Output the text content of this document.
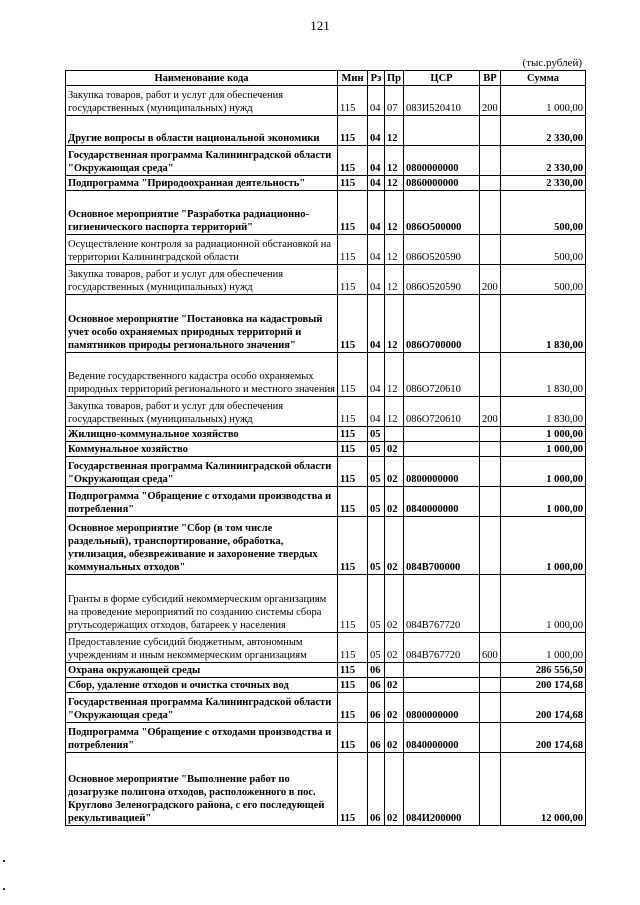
121
(тыс.рублей)
Наименование кода	Мин	Рз	Пр	ЦСР	ВР	Сумма
Закупка товаров, работ и услуг для обеспечения государственных (муниципальных) нужд	115	04	07	083И520410	200	1 000,00
Другие вопросы в области национальной экономики	115	04	12			2 330,00
Государственная программа Калининградской области "Окружающая среда"	115	04	12	0800000000		2 330,00
Подпрограмма "Природоохранная деятельность"	115	04	12	0860000000		2 330,00
Основное мероприятие "Разработка радиационно-гигиенического паспорта территорий"	115	04	12	086О500000		500,00
Осуществление контроля за радиационной обстановкой на территории Калининградской области	115	04	12	086О520590		500,00
Закупка товаров, работ и услуг для обеспечения государственных (муниципальных) нужд	115	04	12	086О520590	200	500,00
Основное мероприятие "Постановка на кадастровый учет особо охраняемых природных территорий и памятников природы регионального значения"	115	04	12	086О700000		1 830,00
Ведение государственного кадастра особо охраняемых природных территорий регионального и местного значения	115	04	12	086О720610		1 830,00
Закупка товаров, работ и услуг для обеспечения государственных (муниципальных) нужд	115	04	12	086О720610	200	1 830,00
Жилищно-коммунальное хозяйство	115	05				1 000,00
Коммунальное хозяйство	115	05	02			1 000,00
Государственная программа Калининградской области "Окружающая среда"	115	05	02	0800000000		1 000,00
Подпрограмма "Обращение с отходами производства и потребления"	115	05	02	0840000000		1 000,00
Основное мероприятие "Сбор (в том числе раздельный), транспортирование, обработка, утилизация, обезвреживание и захоронение твердых коммунальных отходов"	115	05	02	084В700000		1 000,00
Гранты в форме субсидий некоммерческим организациям на проведение мероприятий по созданию системы сбора ртутьсодержащих отходов, батареек у населения	115	05	02	084В767720		1 000,00
Предоставление субсидий бюджетным, автономным учреждениям и иным некоммерческим организациям	115	05	02	084В767720	600	1 000,00
Охрана окружающей среды	115	06				286 556,50
Сбор, удаление отходов и очистка сточных вод	115	06	02			200 174,68
Государственная программа Калининградской области "Окружающая среда"	115	06	02	0800000000		200 174,68
Подпрограмма "Обращение с отходами производства и потребления"	115	06	02	0840000000		200 174,68
Основное мероприятие "Выполнение работ по дозагрузке полигона отходов, расположенного в пос. Круглово Зеленоградского района, с его последующей рекультивацией"	115	06	02	084И200000		12 000,00
